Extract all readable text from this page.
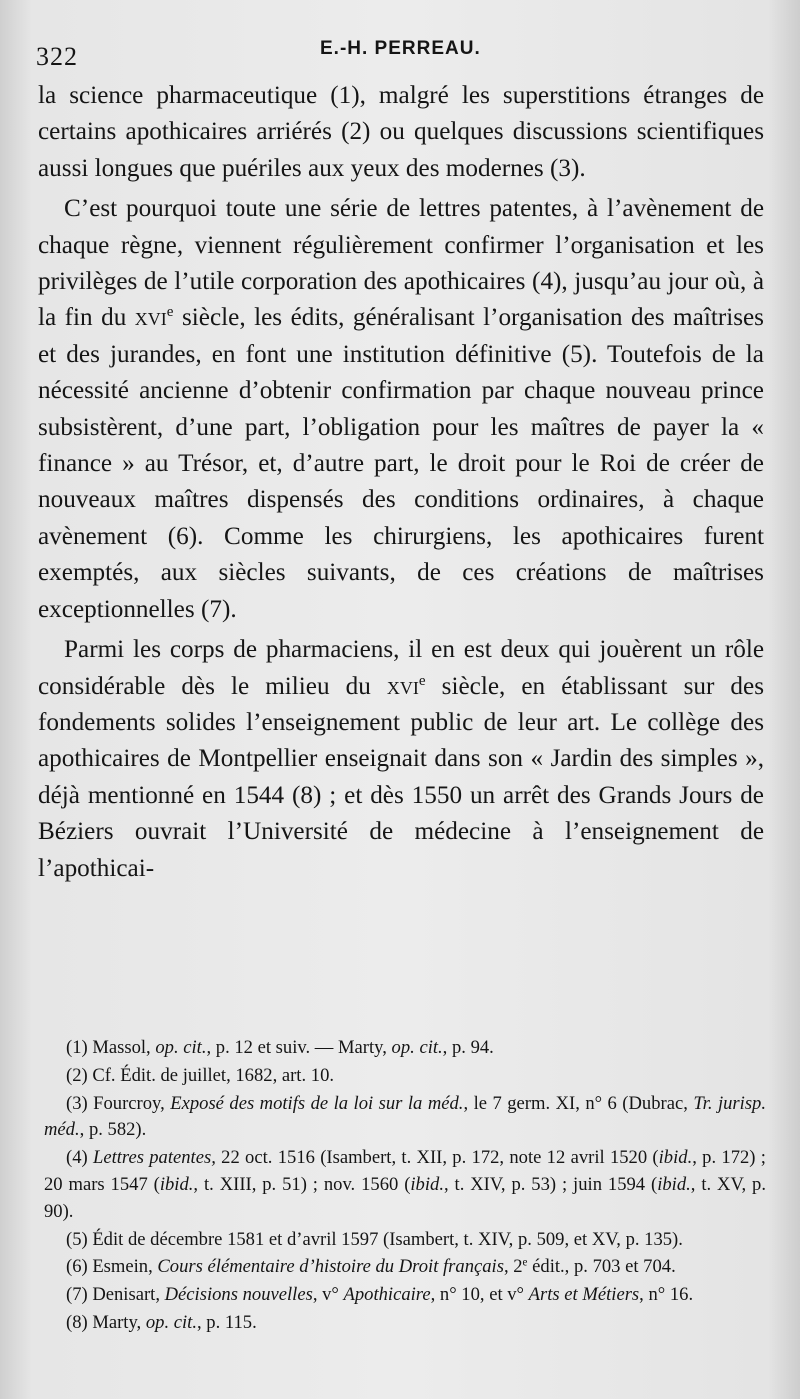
322	E.-H. PERREAU.

la science pharmaceutique (1), malgré les superstitions étranges de certains apothicaires arriérés (2) ou quelques discussions scientifiques aussi longues que puériles aux yeux des modernes (3).

C’est pourquoi toute une série de lettres patentes, à l’avènement de chaque règne, viennent régulièrement confirmer l’organisation et les privilèges de l’utile corporation des apothicaires (4), jusqu’au jour où, à la fin du xvi$^e$ siècle, les édits, généralisant l’organisation des maîtrises et des jurandes, en font une institution définitive (5). Toutefois de la nécessité ancienne d’obtenir confirmation par chaque nouveau prince subsistèrent, d’une part, l’obligation pour les maîtres de payer la « finance » au Trésor, et, d’autre part, le droit pour le Roi de créer de nouveaux maîtres dispensés des conditions ordinaires, à chaque avènement (6). Comme les chirurgiens, les apothicaires furent exemptés, aux siècles suivants, de ces créations de maîtrises exceptionnelles (7).

Parmi les corps de pharmaciens, il en est deux qui jouèrent un rôle considérable dès le milieu du xvi$^e$ siècle, en établissant sur des fondements solides l’enseignement public de leur art. Le collège des apothicaires de Montpellier enseignait dans son « Jardin des simples », déjà mentionné en 1544 (8) ; et dès 1550 un arrêt des Grands Jours de Béziers ouvrait l’Université de médecine à l’enseignement de l’apothicai-

(1) Massol, op. cit., p. 12 et suiv. — Marty, op. cit., p. 94.

(2) Cf. Édit. de juillet, 1682, art. 10.

(3) Fourcroy, Exposé des motifs de la loi sur la méd., le 7 germ. XI, n° 6 (Dubrac, Tr. jurisp. méd., p. 582).

(4) Lettres patentes, 22 oct. 1516 (Isambert, t. XII, p. 172, note 12 avril 1520 (ibid., p. 172) ; 20 mars 1547 (ibid., t. XIII, p. 51) ; nov. 1560 (ibid., t. XIV, p. 53) ; juin 1594 (ibid., t. XV, p. 90).

(5) Édit de décembre 1581 et d’avril 1597 (Isambert, t. XIV, p. 509, et XV, p. 135).

(6) Esmein, Cours élémentaire d’histoire du Droit français, 2e édit., p. 703 et 704.

(7) Denisart, Décisions nouvelles, v° Apothicaire, n° 10, et v° Arts et Métiers, n° 16.

(8) Marty, op. cit., p. 115.
